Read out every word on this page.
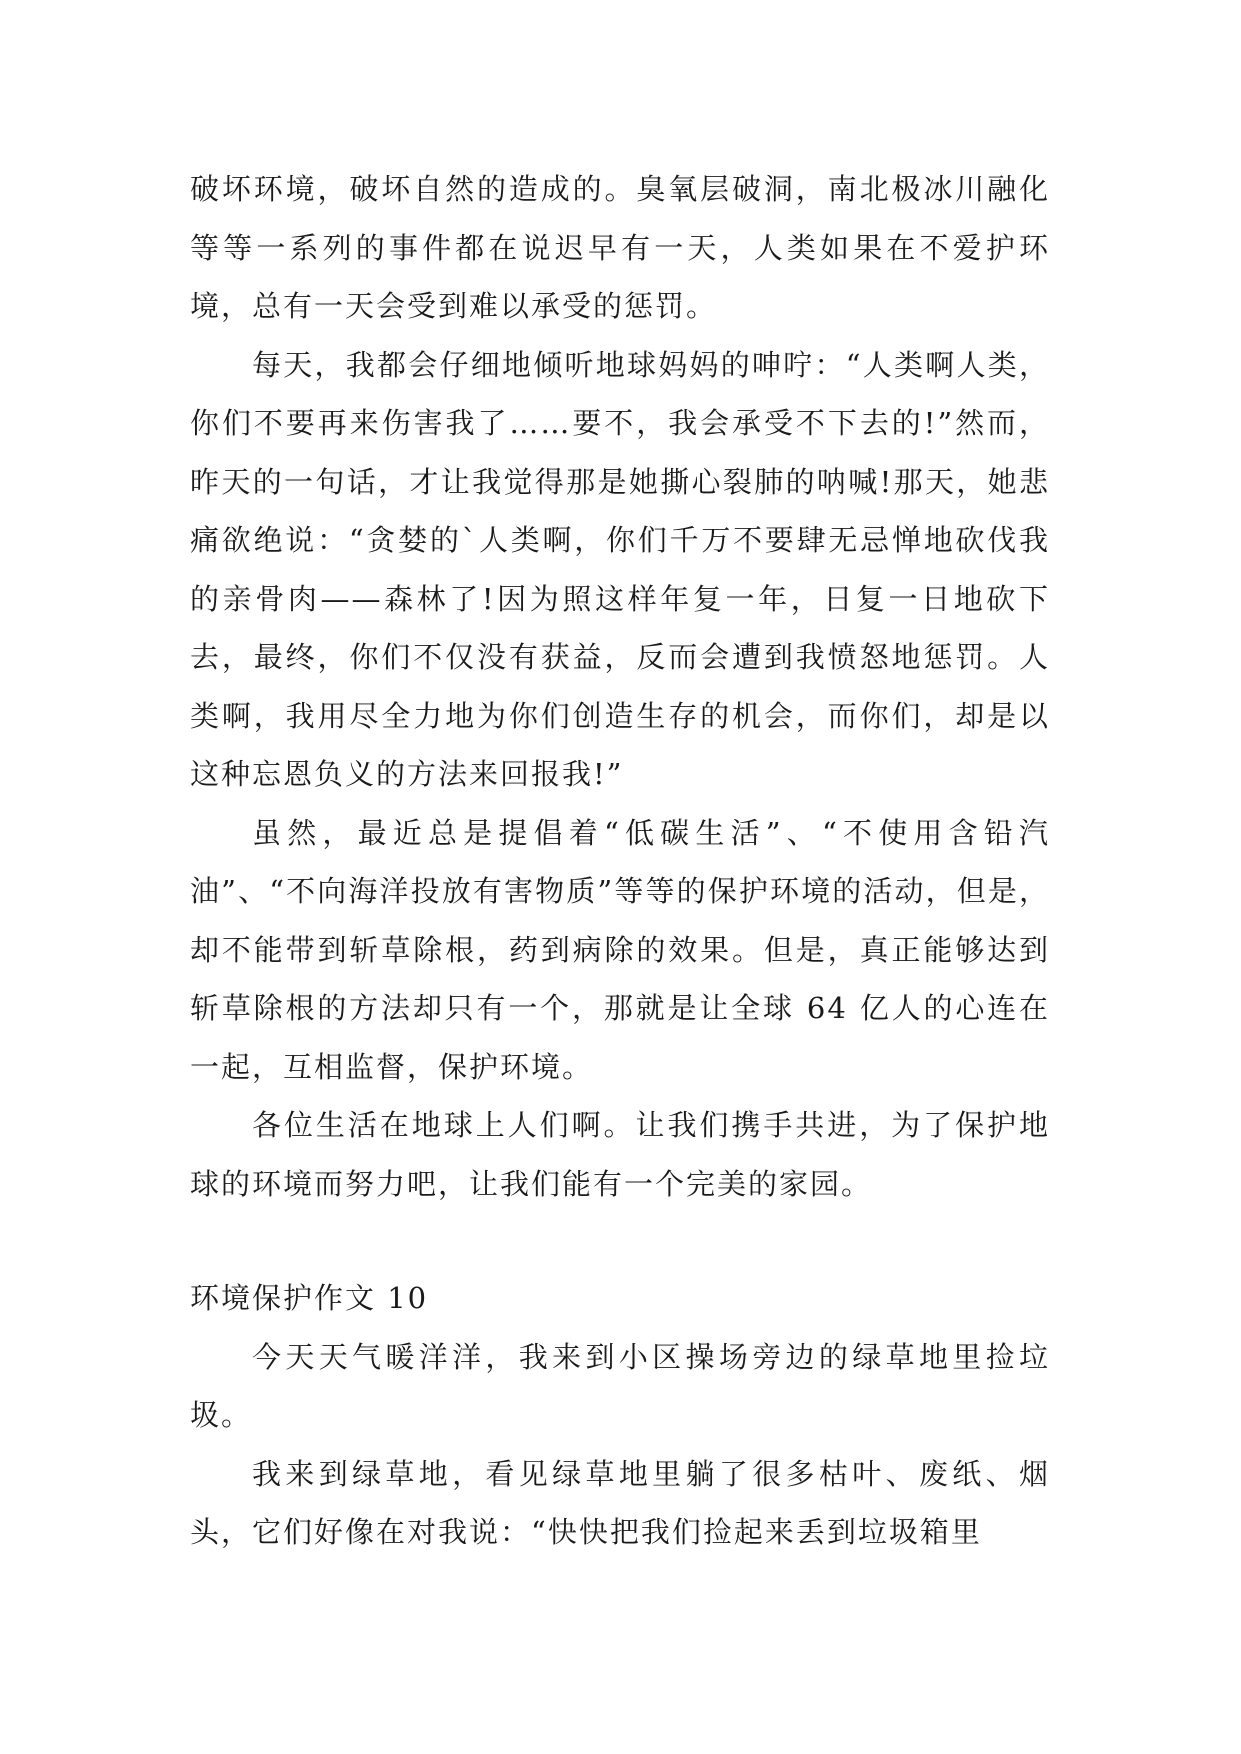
破坏环境，破坏自然的造成的。臭氧层破洞，南北极冰川融化等等一系列的事件都在说迟早有一天，人类如果在不爱护环境，总有一天会受到难以承受的惩罚。

每天，我都会仔细地倾听地球妈妈的呻咛：“人类啊人类，你们不要再来伤害我了……要不，我会承受不下去的!”然而，昨天的一句话，才让我觉得那是她撕心裂肺的呐喊!那天，她悲痛欲绝说：“贪婪的`人类啊，你们千万不要肆无忌惮地砍伐我的亲骨肉——森林了!因为照这样年复一年，日复一日地砍下去，最终，你们不仅没有获益，反而会遭到我愤怒地惩罚。人类啊，我用尽全力地为你们创造生存的机会，而你们，却是以这种忘恩负义的方法来回报我!”

虽然，最近总是提倡着“低碳生活”、“不使用含铅汽油”、“不向海洋投放有害物质”等等的保护环境的活动，但是，却不能带到斩草除根，药到病除的效果。但是，真正能够达到斩草除根的方法却只有一个，那就是让全球 64 亿人的心连在一起，互相监督，保护环境。

各位生活在地球上人们啊。让我们携手共进，为了保护地球的环境而努力吧，让我们能有一个完美的家园。

环境保护作文 10

今天天气暖洋洋，我来到小区操场旁边的绿草地里捡垃圾。

我来到绿草地，看见绿草地里躺了很多枯叶、废纸、烟头，它们好像在对我说：“快快把我们捡起来丢到垃圾箱里
